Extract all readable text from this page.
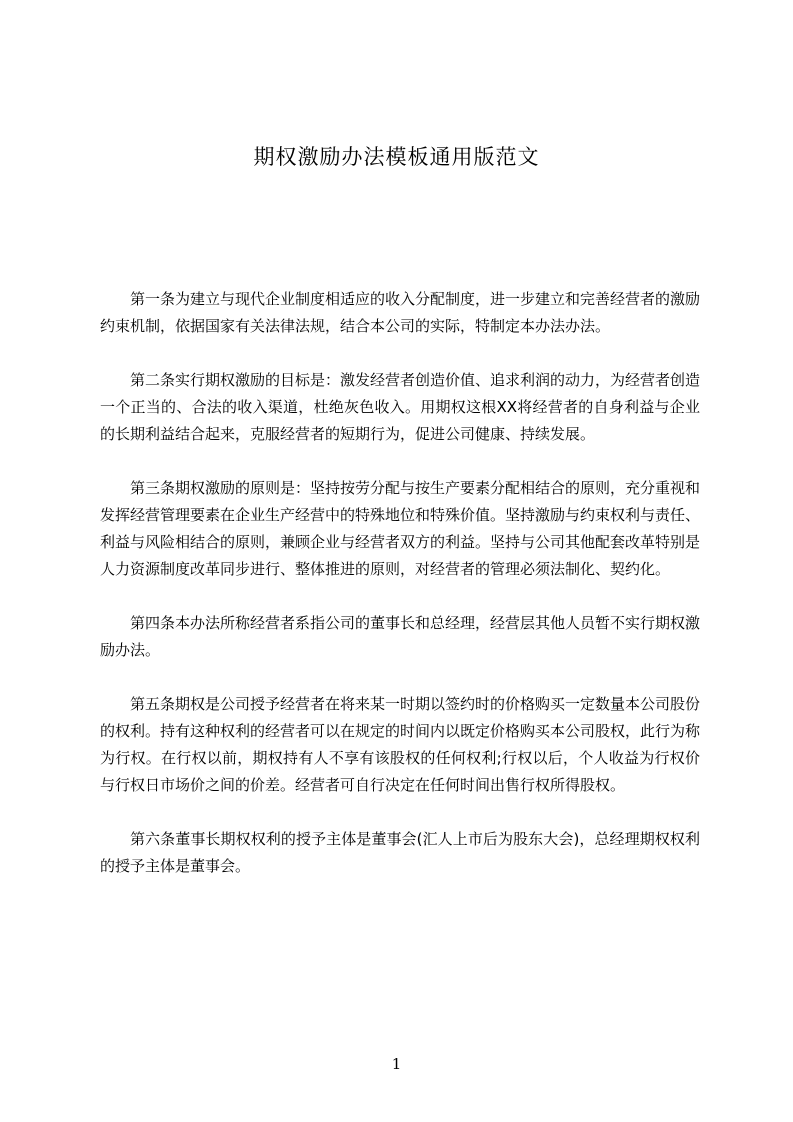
期权激励办法模板通用版范文

第一条为建立与现代企业制度相适应的收入分配制度，进一步建立和完善经营者的激励约束机制，依据国家有关法律法规，结合本公司的实际，特制定本办法办法。

第二条实行期权激励的目标是：激发经营者创造价值、追求利润的动力，为经营者创造一个正当的、合法的收入渠道，杜绝灰色收入。用期权这根XX将经营者的自身利益与企业的长期利益结合起来，克服经营者的短期行为，促进公司健康、持续发展。

第三条期权激励的原则是：坚持按劳分配与按生产要素分配相结合的原则，充分重视和发挥经营管理要素在企业生产经营中的特殊地位和特殊价值。坚持激励与约束权利与责任、利益与风险相结合的原则，兼顾企业与经营者双方的利益。坚持与公司其他配套改革特别是人力资源制度改革同步进行、整体推进的原则，对经营者的管理必须法制化、契约化。

第四条本办法所称经营者系指公司的董事长和总经理，经营层其他人员暂不实行期权激励办法。

第五条期权是公司授予经营者在将来某一时期以签约时的价格购买一定数量本公司股份的权利。持有这种权利的经营者可以在规定的时间内以既定价格购买本公司股权，此行为称为行权。在行权以前，期权持有人不享有该股权的任何权利;行权以后，个人收益为行权价与行权日市场价之间的价差。经营者可自行决定在任何时间出售行权所得股权。

第六条董事长期权权利的授予主体是董事会(汇人上市后为股东大会)，总经理期权权利的授予主体是董事会。

1
